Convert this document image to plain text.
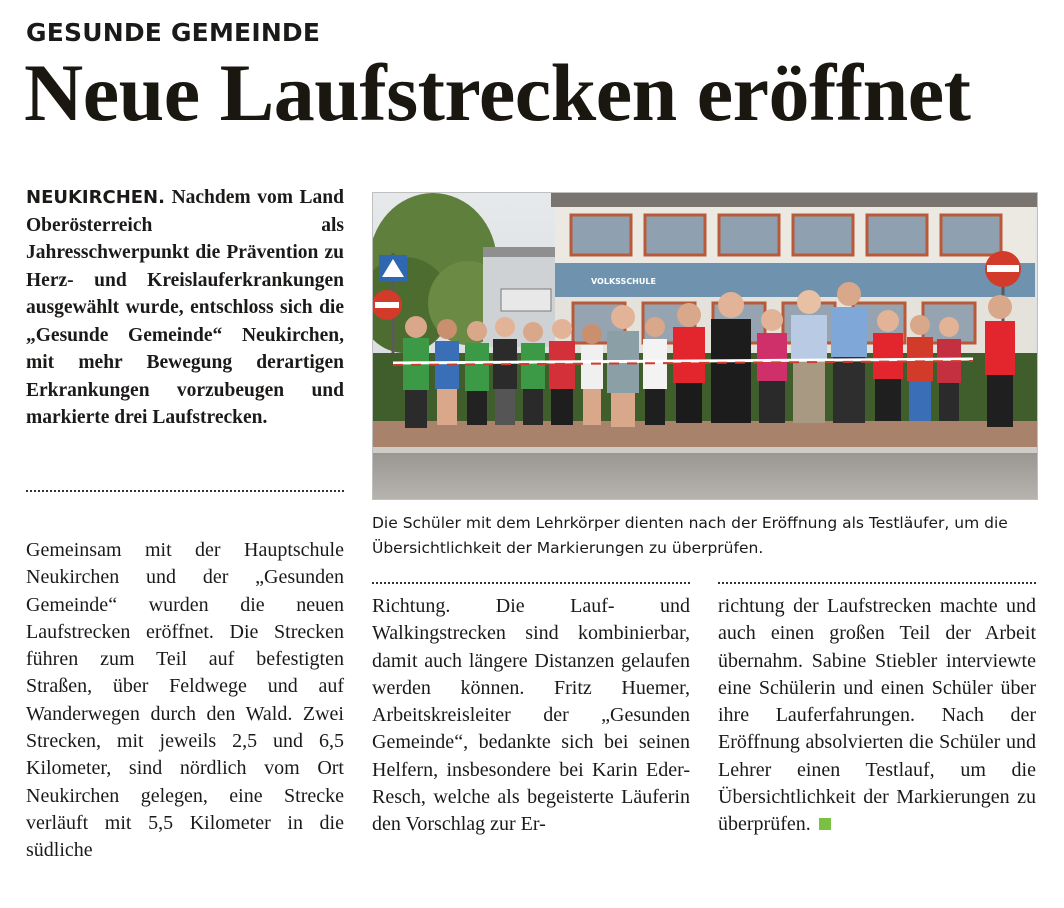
GESUNDE GEMEINDE
Neue Laufstrecken eröffnet
NEUKIRCHEN. Nachdem vom Land Oberösterreich als Jahresschwerpunkt die Prävention zu Herz- und Kreislauferkrankungen ausgewählt wurde, entschloss sich die „Gesunde Gemeinde“ Neukirchen, mit mehr Bewegung derartigen Erkrankungen vorzubeugen und markierte drei Laufstrecken.
VOLKSSCHULE
Die Schüler mit dem Lehrkörper dienten nach der Eröffnung als Testläufer, um die Übersichtlichkeit der Markierungen zu überprüfen.
Gemeinsam mit der Hauptschule Neukirchen und der „Gesunden Gemeinde“ wurden die neuen Laufstrecken eröffnet. Die Strecken führen zum Teil auf befestigten Straßen, über Feldwege und auf Wanderwegen durch den Wald. Zwei Strecken, mit jeweils 2,5 und 6,5 Kilometer, sind nördlich vom Ort Neukirchen gelegen, eine Strecke verläuft mit 5,5 Kilometer in die südliche
Richtung. Die Lauf- und Walkingstrecken sind kombinierbar, damit auch längere Distanzen gelaufen werden können. Fritz Huemer, Arbeitskreisleiter der „Gesunden Gemeinde“, bedankte sich bei seinen Helfern, insbesondere bei Karin Eder-Resch, welche als begeisterte Läuferin den Vorschlag zur Er-
richtung der Laufstrecken machte und auch einen großen Teil der Arbeit übernahm. Sabine Stiebler interviewte eine Schülerin und einen Schüler über ihre Lauferfahrungen. Nach der Eröffnung absolvierten die Schüler und Lehrer einen Testlauf, um die Übersichtlichkeit der Markierungen zu überprüfen.
